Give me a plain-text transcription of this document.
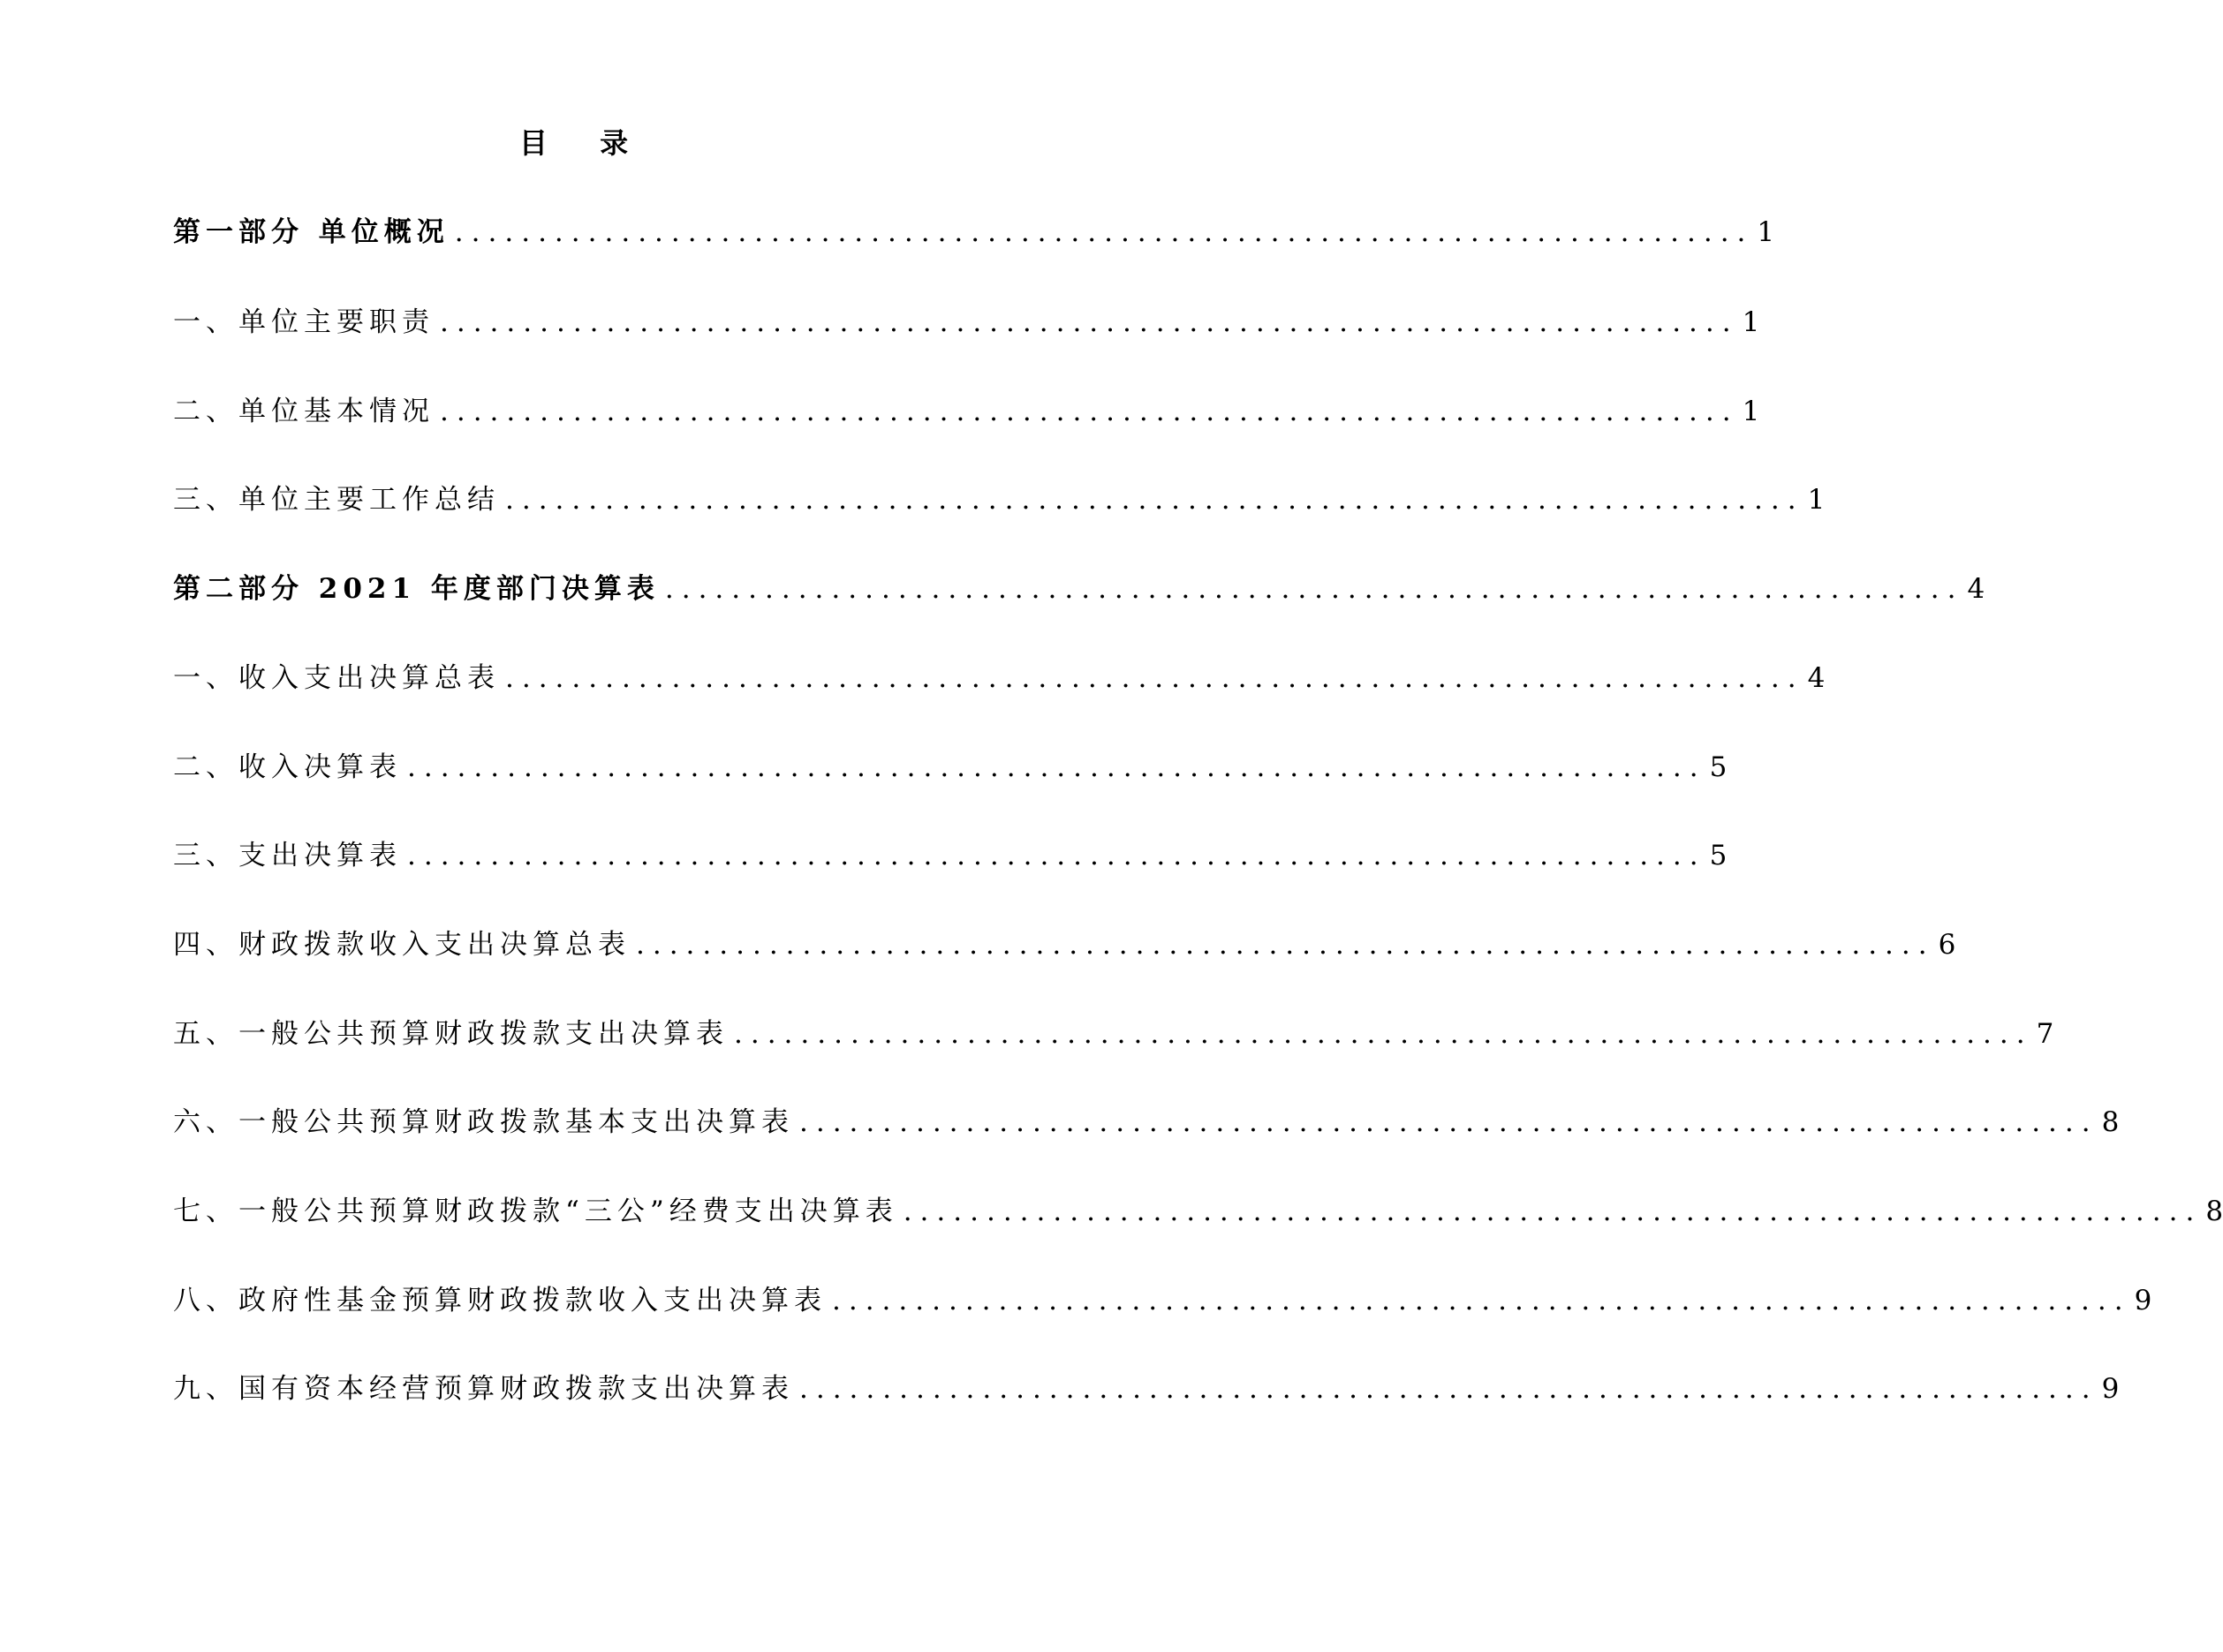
目 录
第一部分 单位概况 .............................................................................. 1
一、单位主要职责 .............................................................................. 1
二、单位基本情况 .............................................................................. 1
三、单位主要工作总结 .............................................................................. 1
第二部分 2021 年度部门决算表 .............................................................................. 4
一、收入支出决算总表 .............................................................................. 4
二、收入决算表 .............................................................................. 5
三、支出决算表 .............................................................................. 5
四、财政拨款收入支出决算总表 .............................................................................. 6
五、一般公共预算财政拨款支出决算表 .............................................................................. 7
六、一般公共预算财政拨款基本支出决算表 .............................................................................. 8
七、一般公共预算财政拨款“三公”经费支出决算表 .............................................................................. 8
八、政府性基金预算财政拨款收入支出决算表 .............................................................................. 9
九、国有资本经营预算财政拨款支出决算表 .............................................................................. 9
